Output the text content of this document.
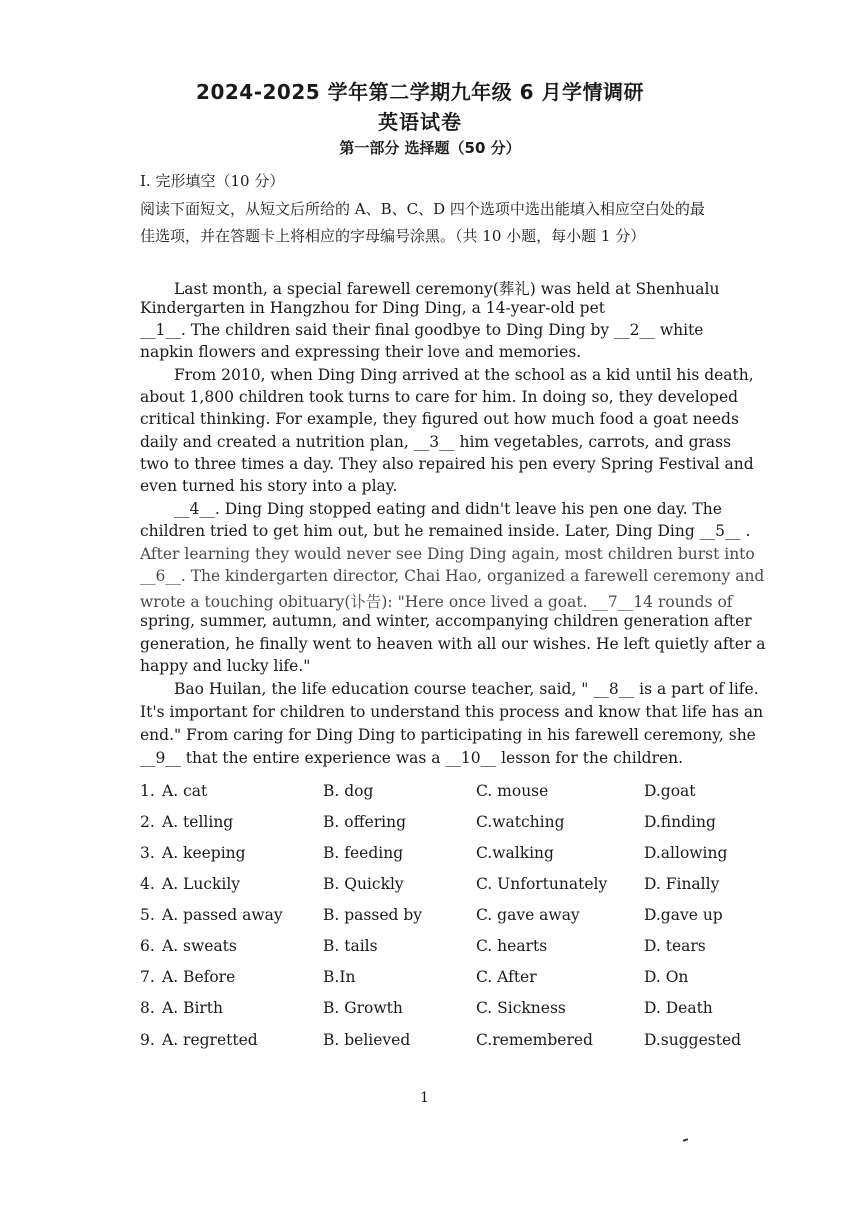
2024-2025 学年第二学期九年级 6 月学情调研
英语试卷
第一部分 选择题（50 分）
I. 完形填空（10 分）
阅读下面短文，从短文后所给的 A、B、C、D 四个选项中选出能填入相应空白处的最佳选项，并在答题卡上将相应的字母编号涂黑。（共 10 小题，每小题 1 分）
Last month, a special farewell ceremony(葬礼) was held at Shenhualu
Kindergarten in Hangzhou for Ding Ding, a 14-year-old pet
__1__. The children said their final goodbye to Ding Ding by __2__ white
napkin flowers and expressing their love and memories.
From 2010, when Ding Ding arrived at the school as a kid until his death,
about 1,800 children took turns to care for him. In doing so, they developed
critical thinking. For example, they figured out how much food a goat needs
daily and created a nutrition plan, __3__ him vegetables, carrots, and grass
two to three times a day. They also repaired his pen every Spring Festival and
even turned his story into a play.
__4__. Ding Ding stopped eating and didn't leave his pen one day. The
children tried to get him out, but he remained inside. Later, Ding Ding __5__ .
After learning they would never see Ding Ding again, most children burst into
__6__. The kindergarten director, Chai Hao, organized a farewell ceremony and
wrote a touching obituary(讣告): "Here once lived a goat. __7__14 rounds of
spring, summer, autumn, and winter, accompanying children generation after
generation, he finally went to heaven with all our wishes. He left quietly after a
happy and lucky life."
Bao Huilan, the life education course teacher, said, " __8__ is a part of life.
It's important for children to understand this process and know that life has an
end." From caring for Ding Ding to participating in his farewell ceremony, she
__9__ that the entire experience was a __10__ lesson for the children.
1. A. cat	B. dog	C. mouse	D.goat
2. A. telling	B. offering	C.watching	D.finding
3. A. keeping	B. feeding	C.walking	D.allowing
4. A. Luckily	B. Quickly	C. Unfortunately D. Finally
5. A. passed away	B. passed by	C. gave away	D.gave up
6. A. sweats	B. tails	C. hearts	D. tears
7. A. Before	B.In	C. After	D. On
8. A. Birth	B. Growth	C. Sickness	D. Death
9. A. regretted	B. believed	C.remembered	D.suggested
1
